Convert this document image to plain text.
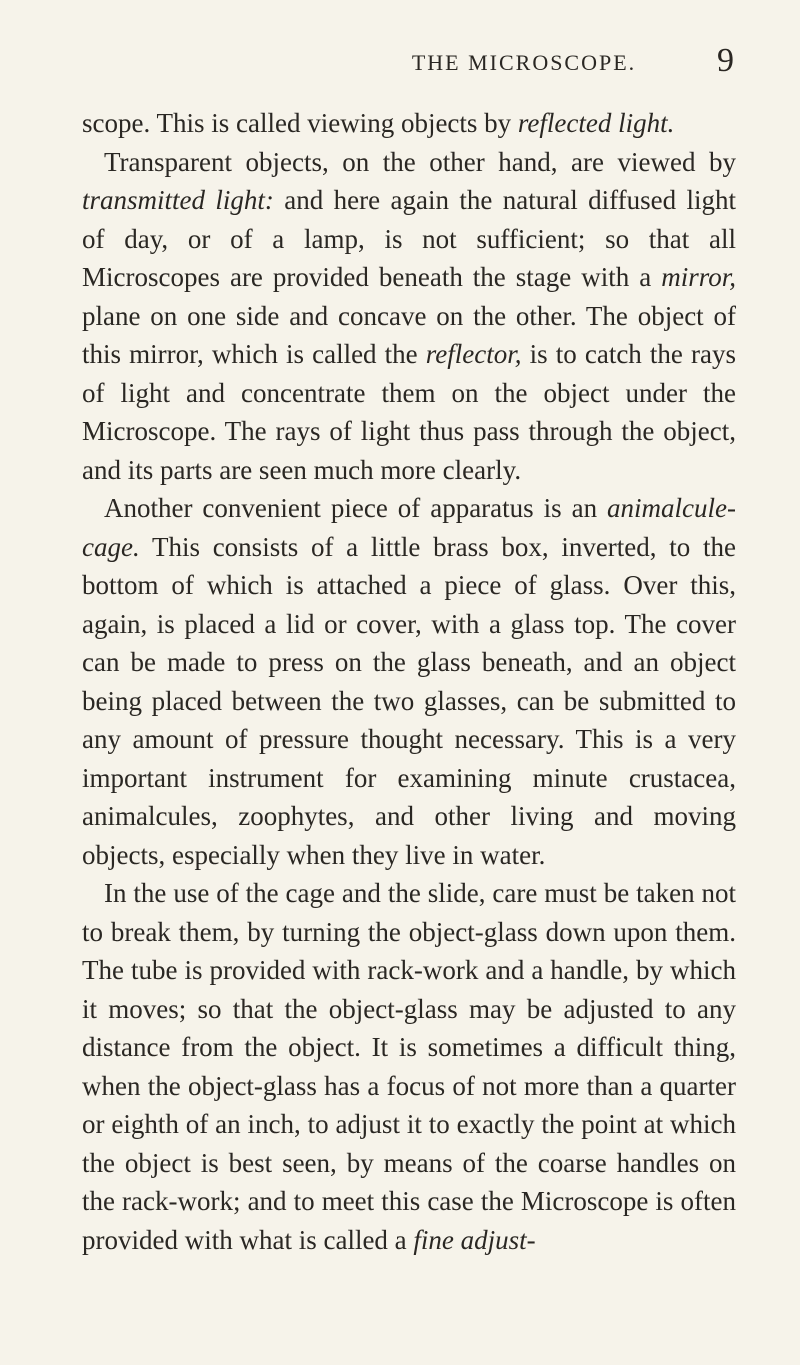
THE MICROSCOPE.	9

scope. This is called viewing objects by reflected light.

Transparent objects, on the other hand, are viewed by transmitted light: and here again the natural diffused light of day, or of a lamp, is not sufficient; so that all Microscopes are provided beneath the stage with a mirror, plane on one side and concave on the other. The object of this mirror, which is called the reflector, is to catch the rays of light and concentrate them on the object under the Microscope. The rays of light thus pass through the object, and its parts are seen much more clearly.

Another convenient piece of apparatus is an animalcule-cage. This consists of a little brass box, inverted, to the bottom of which is attached a piece of glass. Over this, again, is placed a lid or cover, with a glass top. The cover can be made to press on the glass beneath, and an object being placed between the two glasses, can be submitted to any amount of pressure thought necessary. This is a very important instrument for examining minute crustacea, animalcules, zoophytes, and other living and moving objects, especially when they live in water.

In the use of the cage and the slide, care must be taken not to break them, by turning the object-glass down upon them. The tube is provided with rack-work and a handle, by which it moves; so that the object-glass may be adjusted to any distance from the object. It is sometimes a difficult thing, when the object-glass has a focus of not more than a quarter or eighth of an inch, to adjust it to exactly the point at which the object is best seen, by means of the coarse handles on the rack-work; and to meet this case the Microscope is often provided with what is called a fine adjust-
